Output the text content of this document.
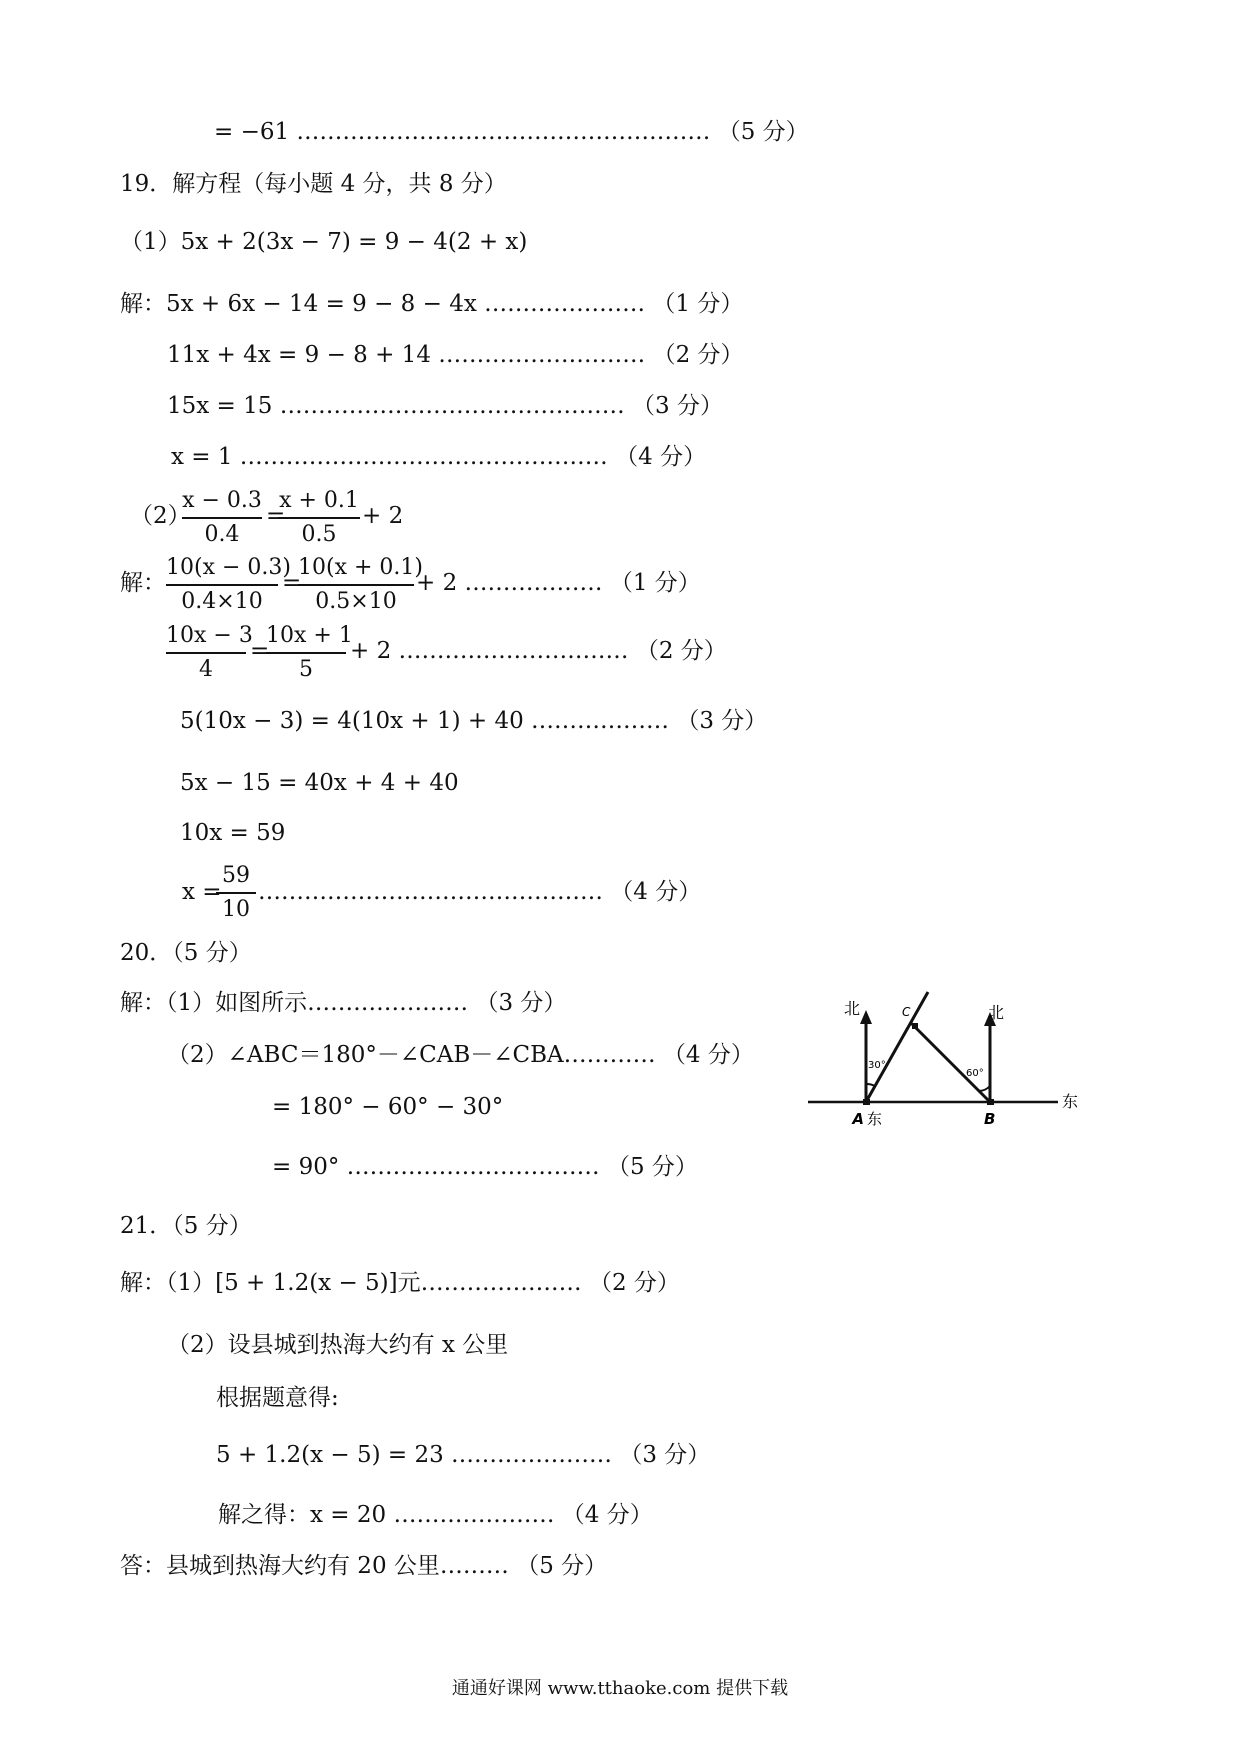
= −61 ……………………………………………… （5 分）
19．解方程（每小题 4 分，共 8 分）
（1）5x + 2(3x − 7) = 9 − 4(2 + x)
解：5x + 6x − 14 = 9 − 8 − 4x ………………… （1 分）
11x + 4x = 9 − 8 + 14 ……………………… （2 分）
15x = 15 ……………………………………… （3 分）
x = 1 ………………………………………… （4 分）
（2）
x − 0.3
0.4
=
x + 0.1
0.5
+ 2
解：
10(x − 0.3)
0.4×10
=
10(x + 0.1)
0.5×10
+ 2 ……………… （1 分）
10x − 3
4
=
10x + 1
5
+ 2 ………………………… （2 分）
5(10x − 3) = 4(10x + 1) + 40 ……………… （3 分）
5x − 15 = 40x + 4 + 40
10x = 59
x =
59
10
……………………………………… （4 分）
20．（5 分）
解：（1）如图所示………………… （3 分）
（2）∠ABC＝180°－∠CAB－∠CBA………… （4 分）
= 180° − 60° − 30°
= 90° …………………………… （5 分）
北	北
东
A 东	B
C
30°
60°
21．（5 分）
解：（1）[5 + 1.2(x − 5)]元………………… （2 分）
（2）设县城到热海大约有 x 公里
根据题意得:
5 + 1.2(x − 5) = 23 ………………… （3 分）
解之得：x = 20 ………………… （4 分）
答：县城到热海大约有 20 公里……… （5 分）
通通好课网 www.tthaoke.com 提供下载
